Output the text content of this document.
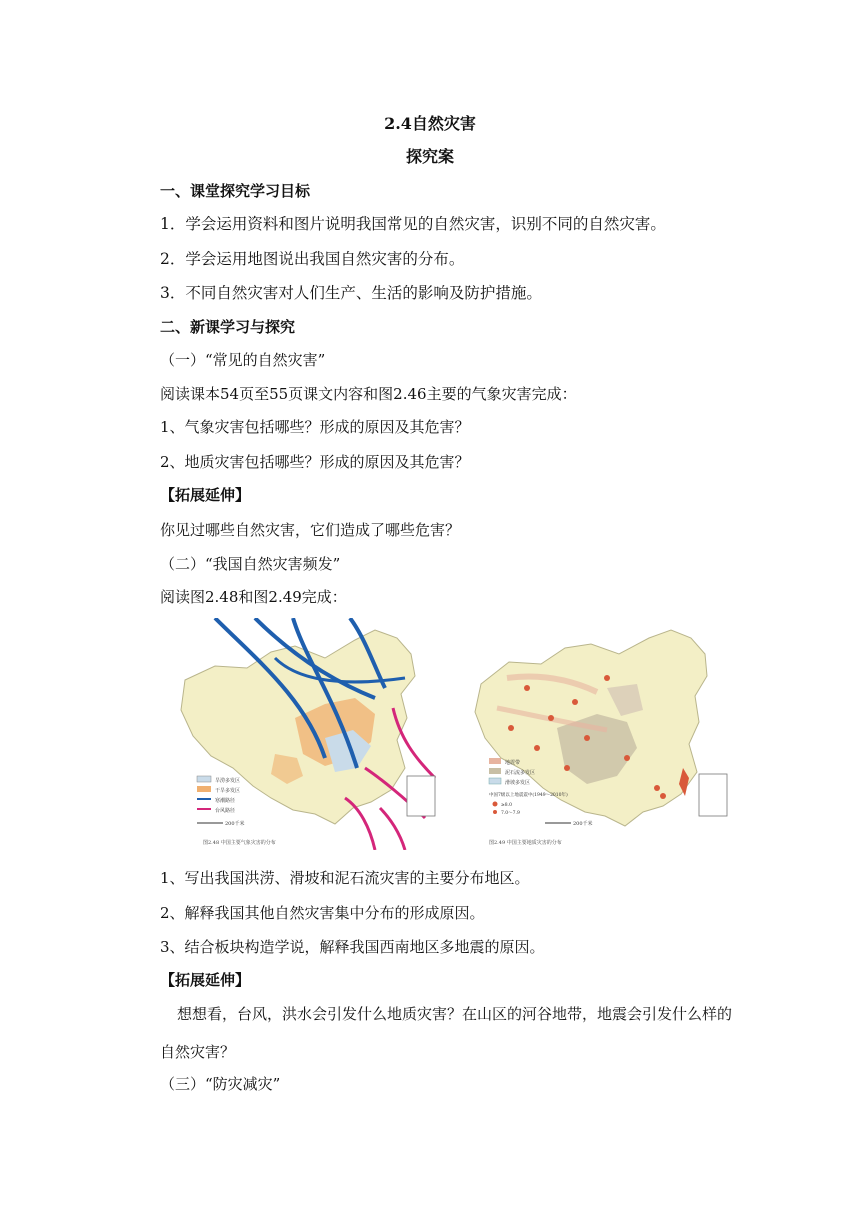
2.4自然灾害
探究案
一、课堂探究学习目标
1．学会运用资料和图片说明我国常见的自然灾害，识别不同的自然灾害。
2．学会运用地图说出我国自然灾害的分布。
3．不同自然灾害对人们生产、生活的影响及防护措施。
二、新课学习与探究
（一）“常见的自然灾害”
阅读课本54页至55页课文内容和图2.46主要的气象灾害完成：
1、气象灾害包括哪些？形成的原因及其危害？
2、地质灾害包括哪些？形成的原因及其危害？
【拓展延伸】
你见过哪些自然灾害，它们造成了哪些危害？
（二）“我国自然灾害频发”
阅读图2.48和图2.49完成：
旱涝多发区
干旱多发区
寒潮路径
台风路径
200千米
图2.48 中国主要气象灾害的分布
地震带
泥石流多发区
滑坡多发区
中国7级以上地震震中(1949～2010年)
≥8.0
7.0～7.9
200千米
图2.49 中国主要地质灾害的分布
1、写出我国洪涝、滑坡和泥石流灾害的主要分布地区。
2、解释我国其他自然灾害集中分布的形成原因。
3、结合板块构造学说，解释我国西南地区多地震的原因。
【拓展延伸】
想想看，台风，洪水会引发什么地质灾害？在山区的河谷地带，地震会引发什么样的自然灾害？
（三）“防灾减灾”
